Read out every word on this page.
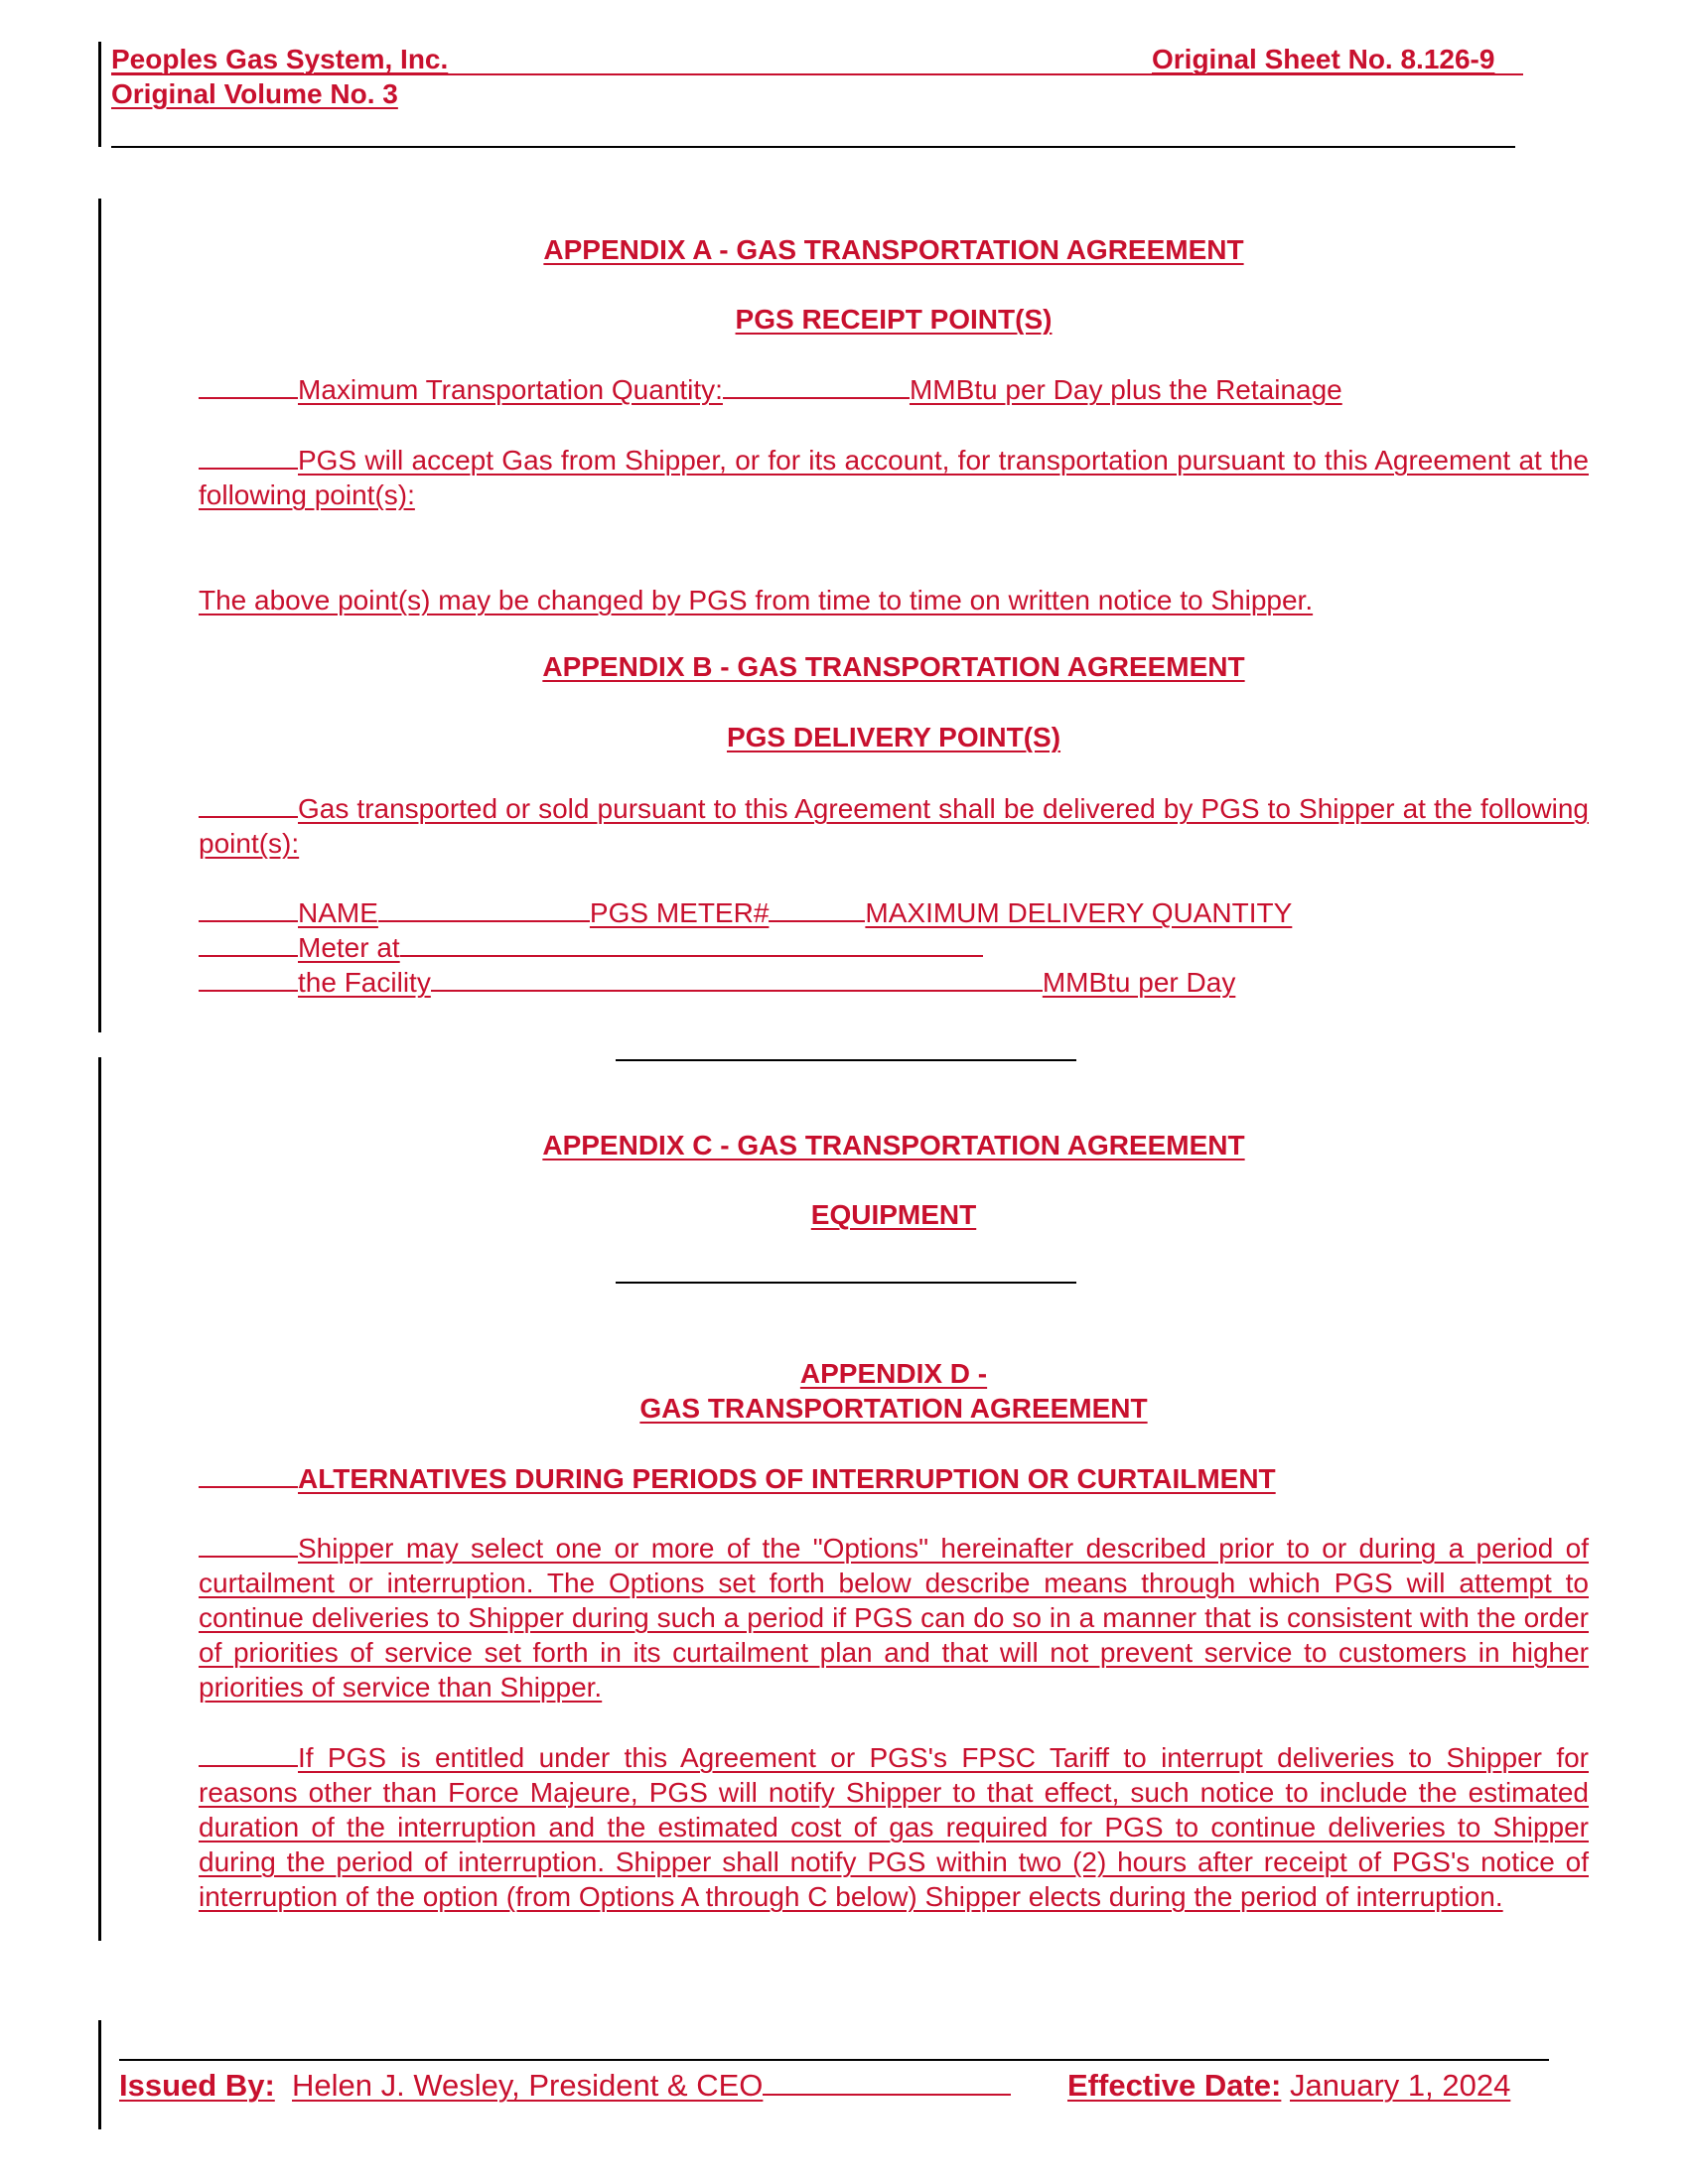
Peoples Gas System, Inc.	Original Sheet No. 8.126-9
Original Volume No. 3
APPENDIX A - GAS TRANSPORTATION AGREEMENT
PGS RECEIPT POINT(S)
Maximum Transportation Quantity:	MMBtu per Day plus the Retainage
PGS will accept Gas from Shipper, or for its account, for transportation pursuant to this Agreement at the following point(s):
The above point(s) may be changed by PGS from time to time on written notice to Shipper.
APPENDIX B - GAS TRANSPORTATION AGREEMENT
PGS DELIVERY POINT(S)
Gas transported or sold pursuant to this Agreement shall be delivered by PGS to Shipper at the following point(s):
NAME	PGS METER#	MAXIMUM DELIVERY QUANTITY
Meter at
the Facility	MMBtu per Day
APPENDIX C - GAS TRANSPORTATION AGREEMENT
EQUIPMENT
APPENDIX D -
GAS TRANSPORTATION AGREEMENT
ALTERNATIVES DURING PERIODS OF INTERRUPTION OR CURTAILMENT
Shipper may select one or more of the "Options" hereinafter described prior to or during a period of curtailment or interruption. The Options set forth below describe means through which PGS will attempt to continue deliveries to Shipper during such a period if PGS can do so in a manner that is consistent with the order of priorities of service set forth in its curtailment plan and that will not prevent service to customers in higher priorities of service than Shipper.
If PGS is entitled under this Agreement or PGS's FPSC Tariff to interrupt deliveries to Shipper for reasons other than Force Majeure, PGS will notify Shipper to that effect, such notice to include the estimated duration of the interruption and the estimated cost of gas required for PGS to continue deliveries to Shipper during the period of interruption. Shipper shall notify PGS within two (2) hours after receipt of PGS's notice of interruption of the option (from Options A through C below) Shipper elects during the period of interruption.
Issued By: Helen J. Wesley, President & CEO	Effective Date: January 1, 2024
